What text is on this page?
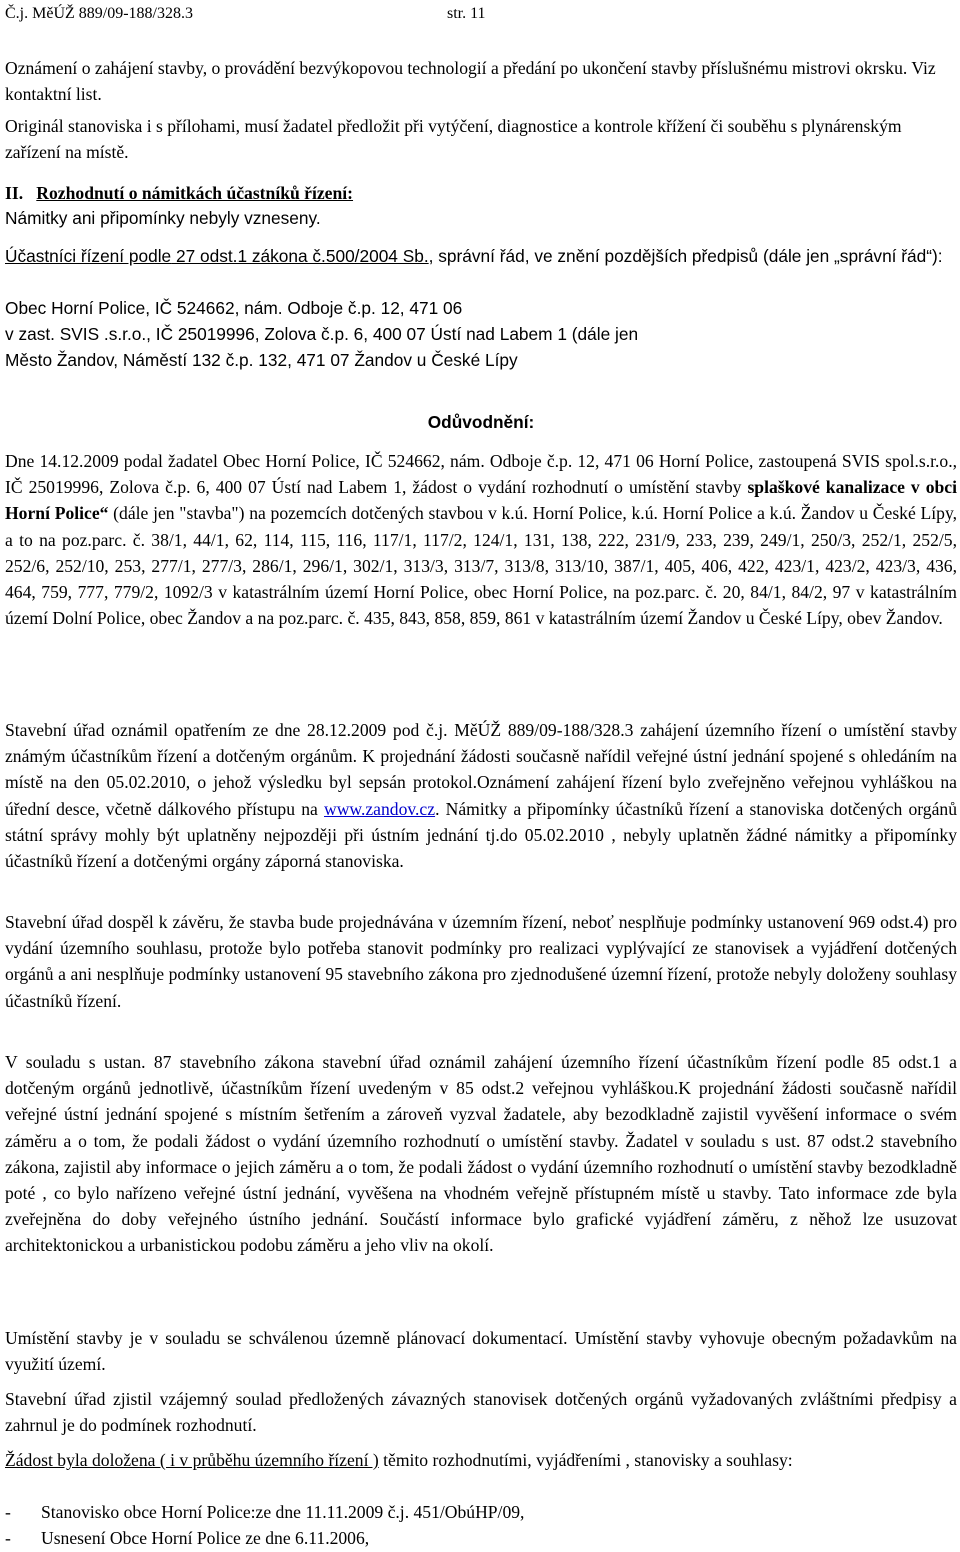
Č.j. MěÚŽ 889/09-188/328.3	str. 11
Oznámení o zahájení stavby, o provádění bezvýkopovou technologií a předání po ukončení stavby příslušnému mistrovi okrsku. Viz kontaktní list.
Originál stanoviska i s přílohami, musí žadatel předložit při vytýčení, diagnostice a kontrole křížení či souběhu s plynárenským zařízení na místě.
II. Rozhodnutí o námitkách účastníků řízení:
Námitky ani připomínky nebyly vzneseny.
Účastníci řízení podle 27 odst.1 zákona č.500/2004 Sb., správní řád, ve znění pozdějších předpisů (dále jen „správní řád“):
Obec Horní Police, IČ 524662, nám. Odboje č.p. 12, 471 06
v zast. SVIS .s.r.o., IČ 25019996, Zolova č.p. 6, 400 07 Ústí nad Labem 1 (dále jen
Město Žandov, Náměstí 132 č.p. 132, 471 07 Žandov u České Lípy
Odůvodnění:
Dne 14.12.2009 podal žadatel Obec Horní Police, IČ 524662, nám. Odboje č.p. 12, 471 06 Horní Police, zastoupená SVIS spol.s.r.o., IČ 25019996, Zolova č.p. 6, 400 07 Ústí nad Labem 1, žádost o vydání rozhodnutí o umístění stavby splaškové kanalizace v obci Horní Police“ (dále jen "stavba") na pozemcích dotčených stavbou v k.ú. Horní Police, k.ú. Horní Police a k.ú. Žandov u České Lípy, a to na poz.parc. č. 38/1, 44/1, 62, 114, 115, 116, 117/1, 117/2, 124/1, 131, 138, 222, 231/9, 233, 239, 249/1, 250/3, 252/1, 252/5, 252/6, 252/10, 253, 277/1, 277/3, 286/1, 296/1, 302/1, 313/3, 313/7, 313/8, 313/10, 387/1, 405, 406, 422, 423/1, 423/2, 423/3, 436, 464, 759, 777, 779/2, 1092/3 v katastrálním území Horní Police, obec Horní Police, na poz.parc. č. 20, 84/1, 84/2, 97 v katastrálním území Dolní Police, obec Žandov a na poz.parc. č. 435, 843, 858, 859, 861 v katastrálním území Žandov u České Lípy, obev Žandov.
Stavební úřad oznámil opatřením ze dne 28.12.2009 pod č.j. MěÚŽ 889/09-188/328.3 zahájení územního řízení o umístění stavby známým účastníkům řízení a dotčeným orgánům. K projednání žádosti současně nařídil veřejné ústní jednání spojené s ohledáním na místě na den 05.02.2010, o jehož výsledku byl sepsán protokol.Oznámení zahájení řízení bylo zveřejněno veřejnou vyhláškou na úřední desce, včetně dálkového přístupu na www.zandov.cz. Námitky a připomínky účastníků řízení a stanoviska dotčených orgánů státní správy mohly být uplatněny nejpozději při ústním jednání tj.do 05.02.2010 , nebyly uplatněn žádné námitky a připomínky účastníků řízení a dotčenými orgány záporná stanoviska.
Stavební úřad dospěl k závěru, že stavba bude projednávána v územním řízení, neboť nesplňuje podmínky ustanovení 969 odst.4) pro vydání územního souhlasu, protože bylo potřeba stanovit podmínky pro realizaci vyplývající ze stanovisek a vyjádření dotčených orgánů a ani nesplňuje podmínky ustanovení 95 stavebního zákona pro zjednodušené územní řízení, protože nebyly doloženy souhlasy účastníků řízení.
V souladu s ustan. 87 stavebního zákona stavební úřad oznámil zahájení územního řízení účastníkům řízení podle 85 odst.1 a dotčeným orgánů jednotlivě, účastníkům řízení uvedeným v 85 odst.2 veřejnou vyhláškou.K projednání žádosti současně nařídil veřejné ústní jednání spojené s místním šetřením a zároveň vyzval žadatele, aby bezodkladně zajistil vyvěšení informace o svém záměru a o tom, že podali žádost o vydání územního rozhodnutí o umístění stavby. Žadatel v souladu s ust. 87 odst.2 stavebního zákona, zajistil aby informace o jejich záměru a o tom, že podali žádost o vydání územního rozhodnutí o umístění stavby bezodkladně poté , co bylo nařízeno veřejné ústní jednání, vyvěšena na vhodném veřejně přístupném místě u stavby. Tato informace zde byla zveřejněna do doby veřejného ústního jednání. Součástí informace bylo grafické vyjádření záměru, z něhož lze usuzovat architektonickou a urbanistickou podobu záměru a jeho vliv na okolí.
Umístění stavby je v souladu se schválenou územně plánovací dokumentací. Umístění stavby vyhovuje obecným požadavkům na využití území.
Stavební úřad zjistil vzájemný soulad předložených závazných stanovisek dotčených orgánů vyžadovaných zvláštními předpisy a zahrnul je do podmínek rozhodnutí.
Žádost byla doložena ( i v průběhu územního řízení ) těmito rozhodnutími, vyjádřeními , stanovisky a souhlasy:
- Stanovisko obce Horní Police:ze dne 11.11.2009 č.j. 451/ObúHP/09,
- Usnesení Obce Horní Police ze dne 6.11.2006,
